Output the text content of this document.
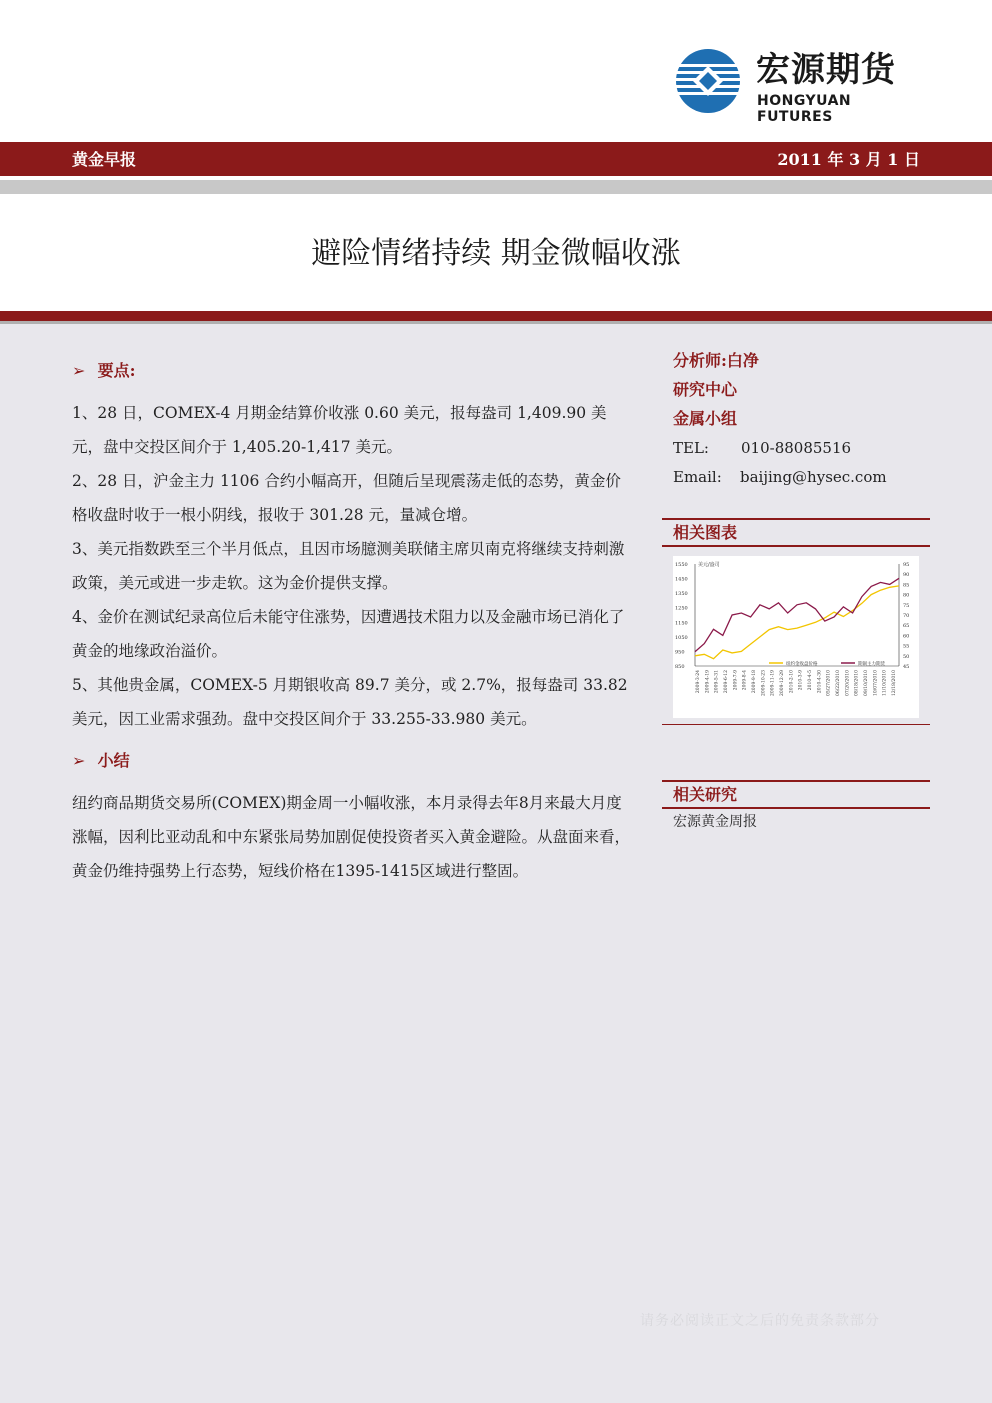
宏源期货
HONGYUAN FUTURES
黄金早报	2011 年 3 月 1 日
避险情绪持续 期金微幅收涨
➢ 要点:

1、28 日，COMEX-4 月期金结算价收涨 0.60 美元，报每盎司 1,409.90 美元，盘中交投区间介于 1,405.20-1,417 美元。

2、28 日，沪金主力 1106 合约小幅高开，但随后呈现震荡走低的态势，黄金价格收盘时收于一根小阴线，报收于 301.28 元，量减仓增。

3、美元指数跌至三个半月低点，且因市场臆测美联储主席贝南克将继续支持刺激政策，美元或进一步走软。这为金价提供支撑。

4、金价在测试纪录高位后未能守住涨势，因遭遇技术阻力以及金融市场已消化了黄金的地缘政治溢价。

5、其他贵金属，COMEX-5 月期银收高 89.7 美分，或 2.7%，报每盎司 33.82 美元，因工业需求强劲。盘中交投区间介于 33.255-33.980 美元。

➢ 小结

纽约商品期货交易所(COMEX)期金周一小幅收涨，本月录得去年8月来最大月度涨幅，因利比亚动乱和中东紧张局势加剧促使投资者买入黄金避险。从盘面来看，黄金仍维持强势上行态势，短线价格在1395-1415区域进行整固。

分析师:白净
研究中心
金属小组
TEL: 010-88085516
Email: baijing@hysec.com
相关图表
1550
1450
1350
1250
1150
1050
950
850
95
90
85
80
75
70
65
60
55
50
45
美元/盎司
2009-3-24 2009-4-19 2009-5-31 2009-6-12 2009-7-9 2009-8-4 2009-9-18 2009-10-23 2009-11-19 2009-12-29 2010-2-10 2010-3-9 2010-4-5 2010-4-30 05/27/2010 06/22/2010 07/20/2010 08/18/2010 09/10/2010 10/07/2010 11/10/2010 12/18/2010
纽约金收盘价格	期铜主力期货
相关研究
宏源黄金周报
请务必阅读正文之后的免责条款部分
